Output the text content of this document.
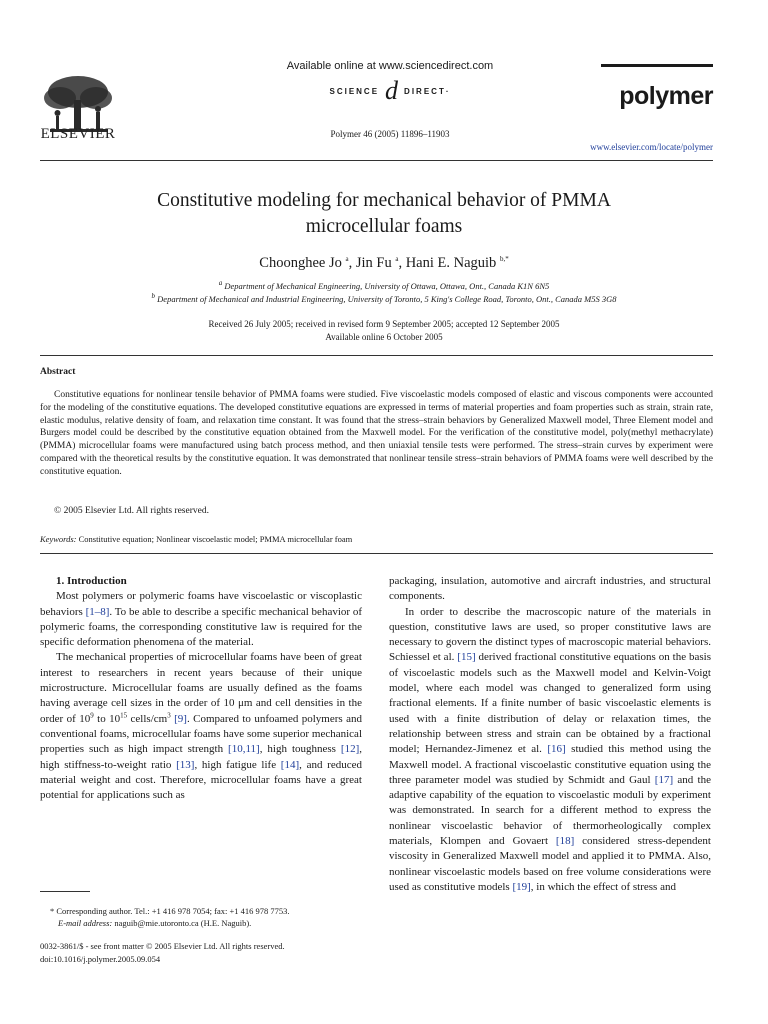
ELSEVIER
Available online at www.sciencedirect.com
SCIENCE d DIRECT·
Polymer 46 (2005) 11896–11903
polymer
www.elsevier.com/locate/polymer
Constitutive modeling for mechanical behavior of PMMA
microcellular foams
Choonghee Jo $^a$, Jin Fu $^a$, Hani E. Naguib $^{b,*}$
$^a$ Department of Mechanical Engineering, University of Ottawa, Ottawa, Ont., Canada K1N 6N5
$^b$ Department of Mechanical and Industrial Engineering, University of Toronto, 5 King's College Road, Toronto, Ont., Canada M5S 3G8
Received 26 July 2005; received in revised form 9 September 2005; accepted 12 September 2005
Available online 6 October 2005
Abstract
Constitutive equations for nonlinear tensile behavior of PMMA foams were studied. Five viscoelastic models composed of elastic and viscous components were accounted for the modeling of the constitutive equations. The developed constitutive equations are expressed in terms of material properties and foam properties such as strain, strain rate, elastic modulus, relative density of foam, and relaxation time constant. It was found that the stress–strain behaviors by Generalized Maxwell model, Three Element model and Burgers model could be described by the constitutive equation obtained from the Maxwell model. For the verification of the constitutive model, poly(methyl methacrylate) (PMMA) microcellular foams were manufactured using batch process method, and then uniaxial tensile tests were performed. The stress–strain curves by experiment were compared with the theoretical results by the constitutive equation. It was demonstrated that nonlinear tensile stress–strain behaviors of PMMA foams were well described by the constitutive equation.
© 2005 Elsevier Ltd. All rights reserved.
Keywords: Constitutive equation; Nonlinear viscoelastic model; PMMA microcellular foam

1. Introduction

Most polymers or polymeric foams have viscoelastic or viscoplastic behaviors [1–8]. To be able to describe a specific mechanical behavior of polymeric foams, the corresponding constitutive law is required for the specific deformation phenomena of the material.

The mechanical properties of microcellular foams have been of great interest to researchers in recent years because of their unique microstructure. Microcellular foams are usually defined as the foams having average cell sizes in the order of 10 μm and cell densities in the order of $10^9$ to $10^{15}$ cells/$cm^3$ [9]. Compared to unfoamed polymers and conventional foams, microcellular foams have some superior mechanical properties such as high impact strength [10,11], high toughness [12], high stiffness-to-weight ratio [13], high fatigue life [14], and reduced material weight and cost. Therefore, microcellular foams have a great potential for applications such as

* Corresponding author. Tel.: +1 416 978 7054; fax: +1 416 978 7753.
E-mail address: naguib@mie.utoronto.ca (H.E. Naguib).
0032-3861/$ - see front matter © 2005 Elsevier Ltd. All rights reserved.
doi:10.1016/j.polymer.2005.09.054

packaging, insulation, automotive and aircraft industries, and structural components.

In order to describe the macroscopic nature of the materials in question, constitutive laws are used, so proper constitutive laws are necessary to govern the distinct types of macroscopic material behaviors. Schiessel et al. [15] derived fractional constitutive equations on the basis of viscoelastic models such as the Maxwell model and Kelvin-Voigt model, where each model was changed to generalized form using fractional elements. If a finite number of basic viscoelastic elements is used with a finite distribution of delay or relaxation times, the relationship between stress and strain can be obtained by a fractional model; Hernandez-Jimenez et al. [16] studied this method using the Maxwell model. A fractional viscoelastic constitutive equation using the three parameter model was studied by Schmidt and Gaul [17] and the adaptive capability of the equation to viscoelastic moduli by experiment was demonstrated. In search for a different method to express the nonlinear viscoelastic behavior of thermorheologically complex materials, Klompen and Govaert [18] considered stress-dependent viscosity in Generalized Maxwell model and applied it to PMMA. Also, nonlinear viscoelastic models based on free volume considerations were used as constitutive models [19], in which the effect of stress and
